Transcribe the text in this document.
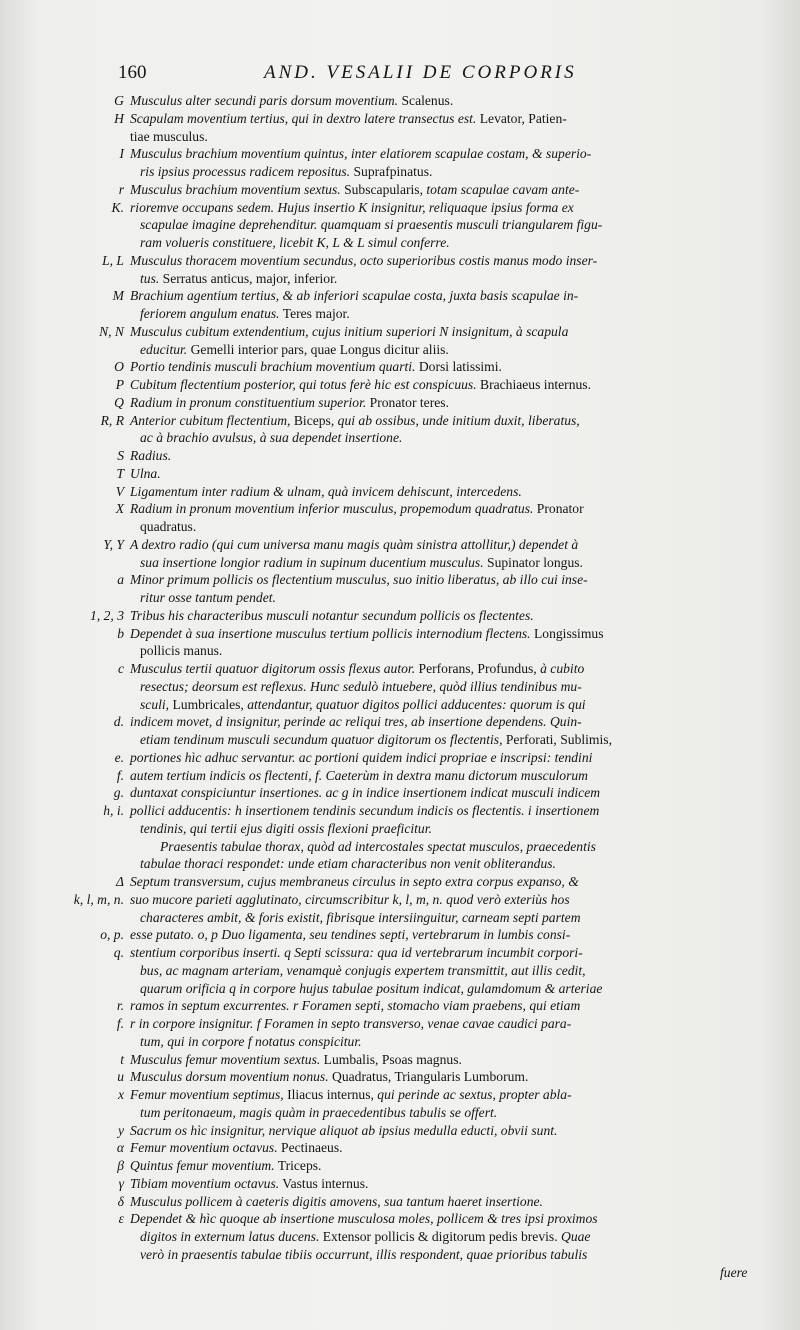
160	AND. VESALII DE CORPORIS
G Musculus alter secundi paris dorsum moventium. Scalenus.
H Scapulam moventium tertius, qui in dextro latere transectus est. Levator, Patien-
tiae musculus.
I Musculus brachium moventium quintus, inter elatiorem scapulae costam, & superio-
ris ipsius processus radicem repositus. Suprafpinatus.
r Musculus brachium moventium sextus. Subscapularis, totam scapulae cavam ante-
K. rioremve occupans sedem. Hujus insertio K insignitur, reliquaque ipsius forma ex
scapulae imagine deprehenditur. quamquam si praesentis musculi triangularem figu-
ram volueris constituere, licebit K, L & L simul conferre.
L, L Musculus thoracem moventium secundus, octo superioribus costis manus modo inser-
tus. Serratus anticus, major, inferior.
M Brachium agentium tertius, & ab inferiori scapulae costa, juxta basis scapulae in-
feriorem angulum enatus. Teres major.
N, N Musculus cubitum extendentium, cujus initium superiori N insignitum, à scapula
educitur. Gemelli interior pars, quae Longus dicitur aliis.
O Portio tendinis musculi brachium moventium quarti. Dorsi latissimi.
P Cubitum flectentium posterior, qui totus ferè hic est conspicuus. Brachiaeus internus.
Q Radium in pronum constituentium superior. Pronator teres.
R, R Anterior cubitum flectentium, Biceps, qui ab ossibus, unde initium duxit, liberatus,
ac à brachio avulsus, à sua dependet insertione.
S Radius.
T Ulna.
V Ligamentum inter radium & ulnam, quà invicem dehiscunt, intercedens.
X Radium in pronum moventium inferior musculus, propemodum quadratus. Pronator
quadratus.
Y, Y A dextro radio (qui cum universa manu magis quàm sinistra attollitur,) dependet à
sua insertione longior radium in supinum ducentium musculus. Supinator longus.
a Minor primum pollicis os flectentium musculus, suo initio liberatus, ab illo cui inse-
ritur osse tantum pendet.
1, 2, 3 Tribus his characteribus musculi notantur secundum pollicis os flectentes.
b Dependet à sua insertione musculus tertium pollicis internodium flectens. Longissimus
pollicis manus.
c Musculus tertii quatuor digitorum ossis flexus autor. Perforans, Profundus, à cubito
resectus; deorsum est reflexus. Hunc sedulò intuebere, quòd illius tendinibus mu-
sculi, Lumbricales, attendantur, quatuor digitos pollici adducentes: quorum is qui
d. indicem movet, d insignitur, perinde ac reliqui tres, ab insertione dependens. Quin-
etiam tendinum musculi secundum quatuor digitorum os flectentis, Perforati, Sublimis,
e. portiones hìc adhuc servantur. ac portioni quidem indici propriae e inscripsi: tendini
f. autem tertium indicis os flectenti, f. Caeterùm in dextra manu dictorum musculorum
g. duntaxat conspiciuntur insertiones. ac g in indice insertionem indicat musculi indicem
h, i. pollici adducentis: h insertionem tendinis secundum indicis os flectentis. i insertionem
tendinis, qui tertii ejus digiti ossis flexioni praeficitur.
Praesentis tabulae thorax, quòd ad intercostales spectat musculos, praecedentis
tabulae thoraci respondet: unde etiam characteribus non venit obliterandus.
Δ Septum transversum, cujus membraneus circulus in septo extra corpus expanso, &
k, l, m, n. suo mucore parieti agglutinato, circumscribitur k, l, m, n. quod verò exteriùs hos
characteres ambit, & foris existit, fibrisque intersiinguitur, carneam septi partem
o, p. esse putato. o, p Duo ligamenta, seu tendines septi, vertebrarum in lumbis consi-
q. stentium corporibus inserti. q Septi scissura: qua id vertebrarum incumbit corpori-
bus, ac magnam arteriam, venamquè conjugis expertem transmittit, aut illis cedit,
quarum orificia q in corpore hujus tabulae positum indicat, gulamdomum & arteriae
r. ramos in septum excurrentes. r Foramen septi, stomacho viam praebens, qui etiam
f. r in corpore insignitur. f Foramen in septo transverso, venae cavae caudici para-
tum, qui in corpore f notatus conspicitur.
t Musculus femur moventium sextus. Lumbalis, Psoas magnus.
u Musculus dorsum moventium nonus. Quadratus, Triangularis Lumborum.
x Femur moventium septimus, Iliacus internus, qui perinde ac sextus, propter abla-
tum peritonaeum, magis quàm in praecedentibus tabulis se offert.
y Sacrum os hìc insignitur, nervique aliquot ab ipsius medulla educti, obvii sunt.
α Femur moventium octavus. Pectinaeus.
β Quintus femur moventium. Triceps.
γ Tibiam moventium octavus. Vastus internus.
δ Musculus pollicem à caeteris digitis amovens, sua tantum haeret insertione.
ε Dependet & hìc quoque ab insertione musculosa moles, pollicem & tres ipsi proximos
digitos in externum latus ducens. Extensor pollicis & digitorum pedis brevis. Quae
verò in praesentis tabulae tibiis occurrunt, illis respondent, quae prioribus tabulis
fuere
